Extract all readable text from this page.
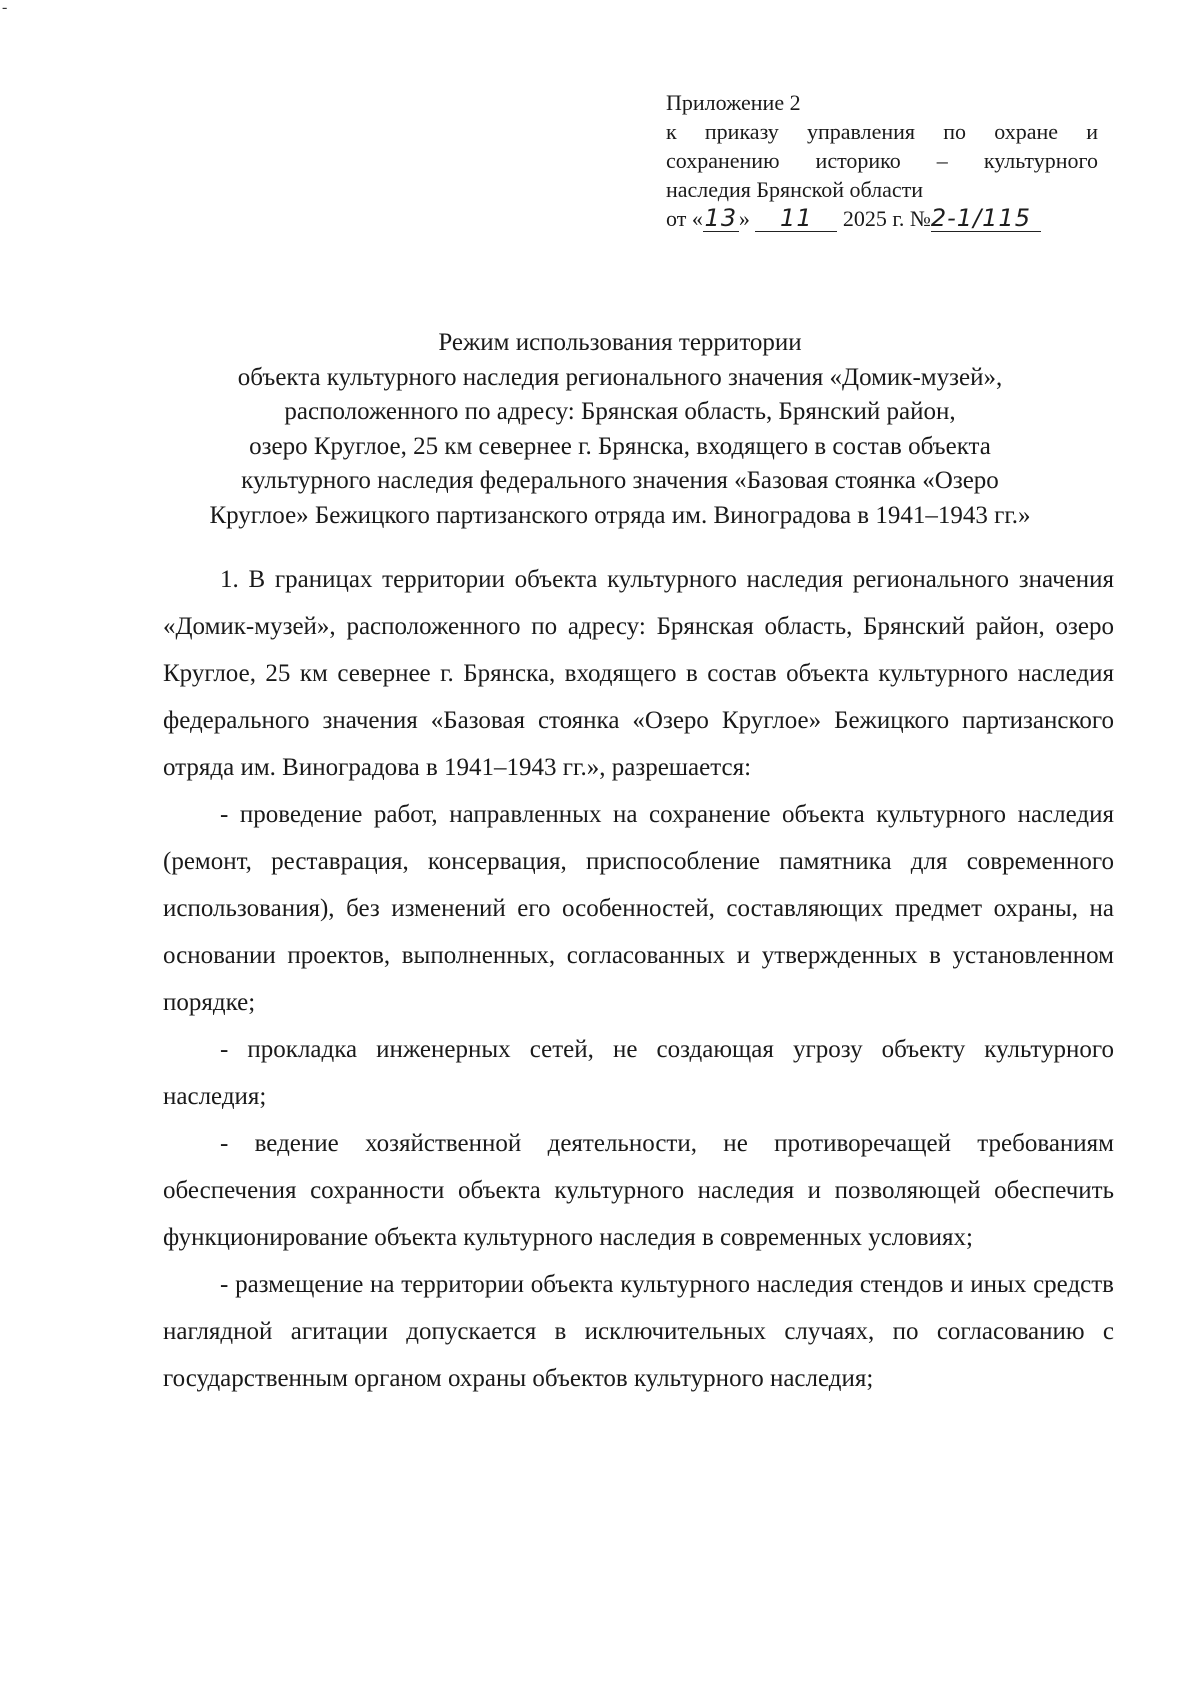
-
Приложение 2
к приказу управления по охране и
сохранению историко – культурного
наследия Брянской области
от «13» 11 2025 г. №2-1/115
Режим использования территории
объекта культурного наследия регионального значения «Домик-музей»,
расположенного по адресу: Брянская область, Брянский район,
озеро Круглое, 25 км севернее г. Брянска, входящего в состав объекта
культурного наследия федерального значения «Базовая стоянка «Озеро
Круглое» Бежицкого партизанского отряда им. Виноградова в 1941–1943 гг.»

1. В границах территории объекта культурного наследия регионального значения «Домик-музей», расположенного по адресу: Брянская область, Брянский район, озеро Круглое, 25 км севернее г. Брянска, входящего в состав объекта культурного наследия федерального значения «Базовая стоянка «Озеро Круглое» Бежицкого партизанского отряда им. Виноградова в 1941–1943 гг.», разрешается:

- проведение работ, направленных на сохранение объекта культурного наследия (ремонт, реставрация, консервация, приспособление памятника для современного использования), без изменений его особенностей, составляющих предмет охраны, на основании проектов, выполненных, согласованных и утвержденных в установленном порядке;

- прокладка инженерных сетей, не создающая угрозу объекту культурного наследия;

- ведение хозяйственной деятельности, не противоречащей требованиям обеспечения сохранности объекта культурного наследия и позволяющей обеспечить функционирование объекта культурного наследия в современных условиях;

- размещение на территории объекта культурного наследия стендов и иных средств наглядной агитации допускается в исключительных случаях, по согласованию с государственным органом охраны объектов культурного наследия;
